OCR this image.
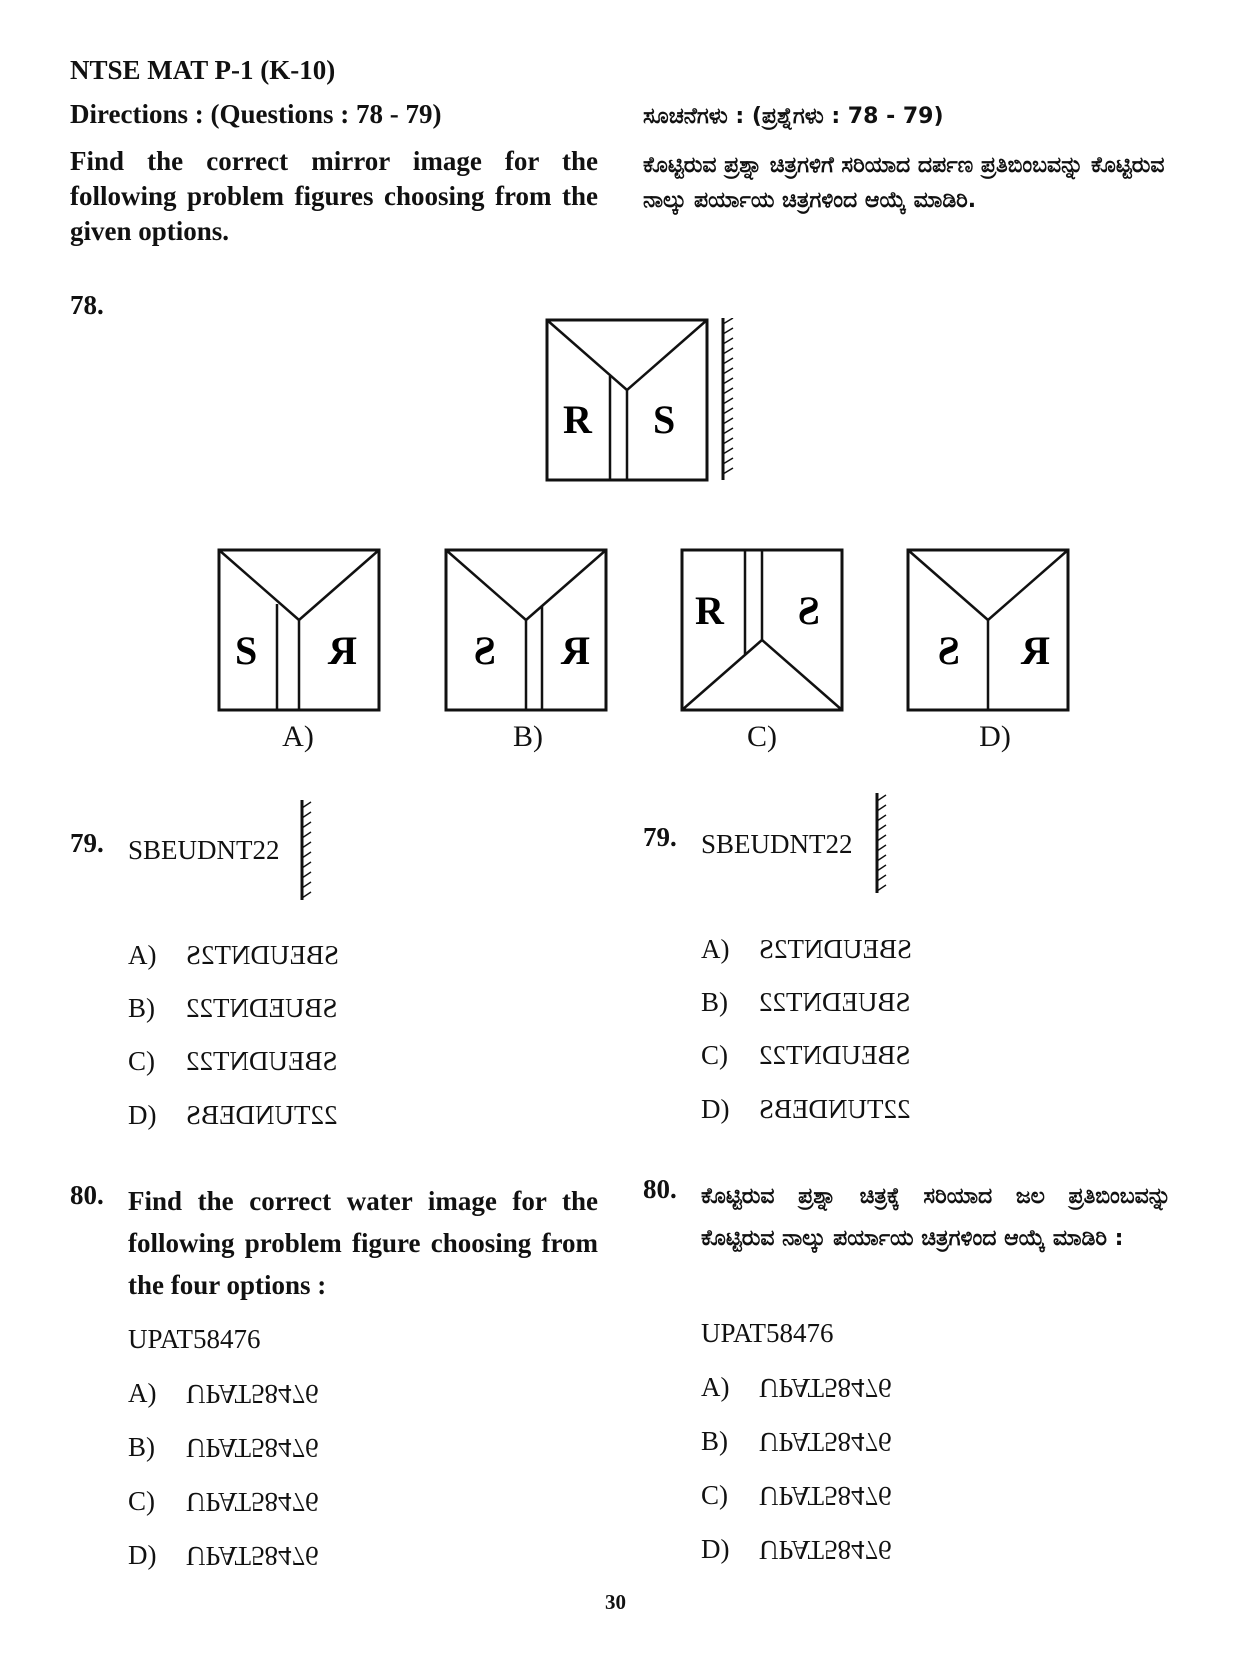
NTSE MAT P-1 (K-10)
Directions : (Questions : 78 - 79)	ಸೂಚನೆಗಳು : (ಪ್ರಶ್ನೆಗಳು : 78 - 79)
Find the correct mirror image for the following problem figures choosing from the given options.
ಕೊಟ್ಟಿರುವ ಪ್ರಶ್ನಾ ಚಿತ್ರಗಳಿಗೆ ಸರಿಯಾದ ದರ್ಪಣ ಪ್ರತಿಬಿಂಬವನ್ನು ಕೊಟ್ಟಿರುವ ನಾಲ್ಕು ಪರ್ಯಾಯ ಚಿತ್ರಗಳಿಂದ ಆಯ್ಕೆ ಮಾಡಿರಿ.
78.
R S
S R
A)
S R
B)
R S
C)
S R
D)
79. SBEUDNT22
A) SBEUDNT2S
B) SBUEDNT22
C) SBEUDNT22
D) 22TUNDEBS
79. SBEUDNT22
A) SBEUDNT2S
B) SBUEDNT22
C) SBEUDNT22
D) 22TUNDEBS
80. Find the correct water image for the following problem figure choosing from the four options :
UPAT58476
A) UPAT58476
B) UPAT58476
C) UPAT58476
D) UPAT58476
80. ಕೊಟ್ಟಿರುವ ಪ್ರಶ್ನಾ ಚಿತ್ರಕ್ಕೆ ಸರಿಯಾದ ಜಲ ಪ್ರತಿಬಿಂಬವನ್ನು ಕೊಟ್ಟಿರುವ ನಾಲ್ಕು ಪರ್ಯಾಯ ಚಿತ್ರಗಳಿಂದ ಆಯ್ಕೆ ಮಾಡಿರಿ :
UPAT58476
A) UPAT58476
B) UPAT58476
C) UPAT58476
D) UPAT58476
30
